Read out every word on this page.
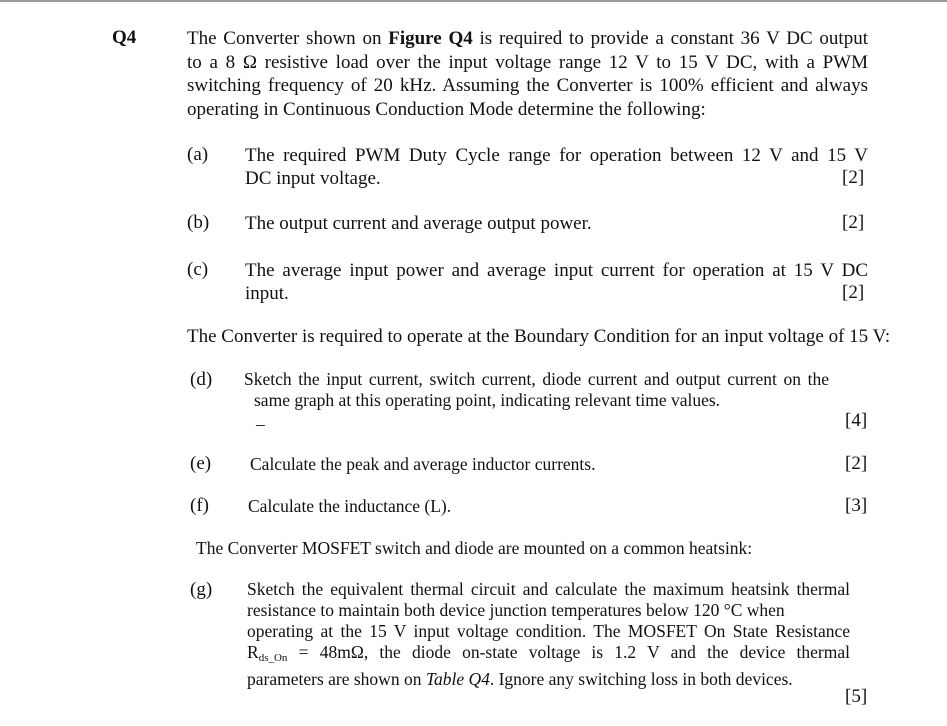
Q4	The Converter shown on Figure Q4 is required to provide a constant 36 V DC output
to a 8 Ω resistive load over the input voltage range 12 V to 15 V DC, with a PWM
switching frequency of 20 kHz. Assuming the Converter is 100% efficient and always
operating in Continuous Conduction Mode determine the following:
(a) The required PWM Duty Cycle range for operation between 12 V and 15 V
DC input voltage.	[2]
(b) The output current and average output power.	[2]
(c) The average input power and average input current for operation at 15 V DC
input.	[2]
The Converter is required to operate at the Boundary Condition for an input voltage of 15 V:
(d) Sketch the input current, switch current, diode current and output current on the
same graph at this operating point, indicating relevant time values.
–	[4]
(e) Calculate the peak and average inductor currents.	[2]
(f) Calculate the inductance (L).	[3]
The Converter MOSFET switch and diode are mounted on a common heatsink:
(g) Sketch the equivalent thermal circuit and calculate the maximum heatsink thermal
resistance to maintain both device junction temperatures below 120 °C when
operating at the 15 V input voltage condition. The MOSFET On State Resistance
$R_{ds\_On} = 48m\Omega$, the diode on-state voltage is 1.2 V and the device thermal
parameters are shown on Table Q4. Ignore any switching loss in both devices.
[5]
